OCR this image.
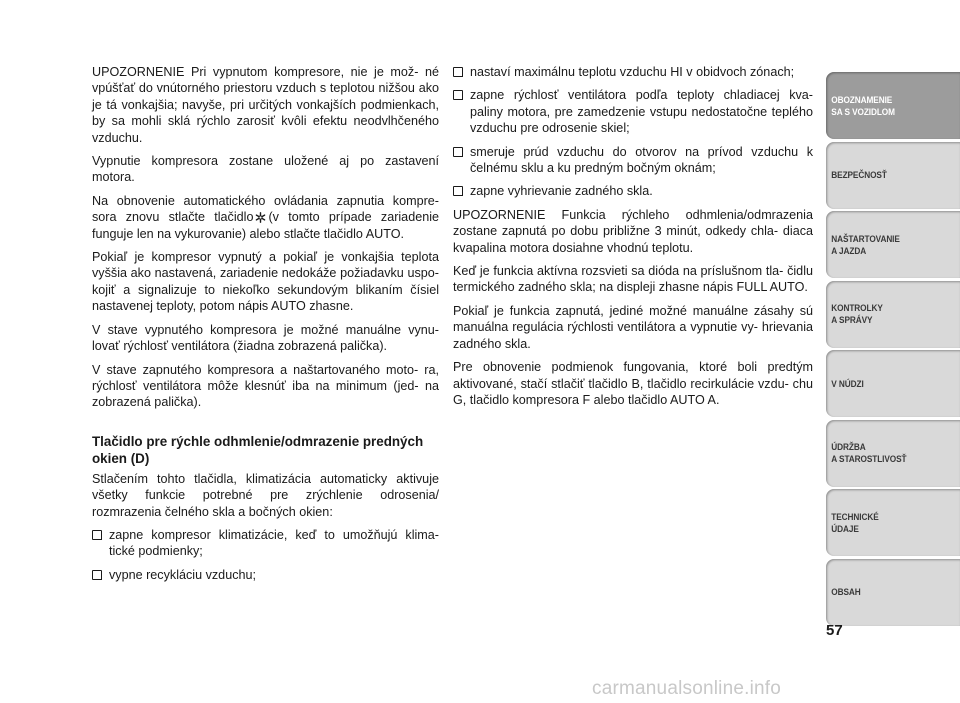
UPOZORNENIE Pri vypnutom kompresore, nie je mož- né vpúšťať do vnútorného priestoru vzduch s teplotou nižšou ako je tá vonkajšia; navyše, pri určitých vonkajších podmienkach, by sa mohli sklá rýchlo zarosiť kvôli efektu neodvlhčeného vzduchu.

Vypnutie kompresora zostane uložené aj po zastavení motora.

Na obnovenie automatického ovládania zapnutia kompre- sora znovu stlačte tlačidlo (v tomto prípade zariadenie funguje len na vykurovanie) alebo stlačte tlačidlo AUTO.

Pokiaľ je kompresor vypnutý a pokiaľ je vonkajšia teplota vyššia ako nastavená, zariadenie nedokáže požiadavku uspo- kojiť a signalizuje to niekoľko sekundovým blikaním čísiel nastavenej teploty, potom nápis AUTO zhasne.

V stave vypnutého kompresora je možné manuálne vynu- lovať rýchlosť ventilátora (žiadna zobrazená palička).

V stave zapnutého kompresora a naštartovaného moto- ra, rýchlosť ventilátora môže klesnúť iba na minimum (jed- na zobrazená palička).

Tlačidlo pre rýchle odhmlenie/odmrazenie predných okien (D)

Stlačením tohto tlačidla, klimatizácia automaticky aktivuje všetky funkcie potrebné pre zrýchlenie odrosenia/ rozmrazenia čelného skla a bočných okien:

zapne kompresor klimatizácie, keď to umožňujú klima- tické podmienky;
vypne recykláciu vzduchu;
nastaví maximálnu teplotu vzduchu HI v obidvoch zónach;
zapne rýchlosť ventilátora podľa teploty chladiacej kva- paliny motora, pre zamedzenie vstupu nedostatočne teplého vzduchu pre odrosenie skiel;
smeruje prúd vzduchu do otvorov na prívod vzduchu k čelnému sklu a ku predným bočným oknám;
zapne vyhrievanie zadného skla.

UPOZORNENIE Funkcia rýchleho odhmlenia/odmrazenia zostane zapnutá po dobu približne 3 minút, odkedy chla- diaca kvapalina motora dosiahne vhodnú teplotu.

Keď je funkcia aktívna rozsvieti sa dióda na príslušnom tla- čidlu termického zadného skla; na displeji zhasne nápis FULL AUTO.

Pokiaľ je funkcia zapnutá, jediné možné manuálne zásahy sú manuálna regulácia rýchlosti ventilátora a vypnutie vy- hrievania zadného skla.

Pre obnovenie podmienok fungovania, ktoré boli predtým aktivované, stačí stlačiť tlačidlo B, tlačidlo recirkulácie vzdu- chu G, tlačidlo kompresora F alebo tlačidlo AUTO A.

OBOZNAMENIE
SA S VOZIDLOM
BEZPEČNOSŤ
NAŠTARTOVANIE
A JAZDA
KONTROLKY
A SPRÁVY
V NÚDZI
ÚDRŽBA
A STAROSTLIVOSŤ
TECHNICKÉ
ÚDAJE
OBSAH
57
carmanualsonline.info
